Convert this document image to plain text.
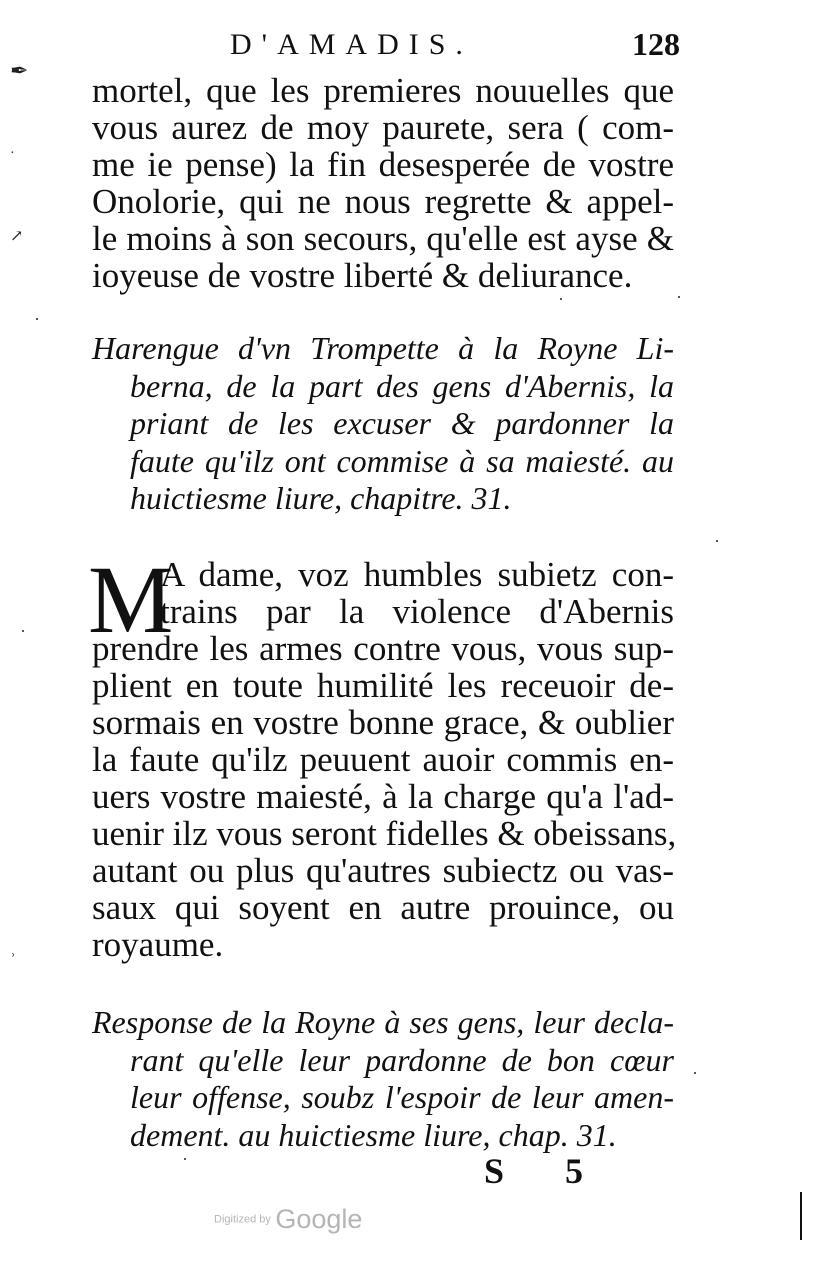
D'AMADIS.	128
✒
·
↗
ʾ
mortel, que les premieres nouuelles que
vous aurez de moy paurete, sera ( com-
me ie pense) la fin desesperée de vostre
Onolorie, qui ne nous regrette & appel-
le moins à son secours, qu'elle est ayse &
ioyeuse de vostre liberté & deliurance.
Harengue d'vn Trompette à la Royne Li-
berna, de la part des gens d'Abernis, la
priant de les excuser & pardonner la
faute qu'ilz ont commise à sa maiesté. au
huictiesme liure, chapitre. 31.
M
A dame, voz humbles subietz con-
trains par la violence d'Abernis
prendre les armes contre vous, vous sup-
plient en toute humilité les receuoir de-
sormais en vostre bonne grace, & oublier
la faute qu'ilz peuuent auoir commis en-
uers vostre maiesté, à la charge qu'a l'ad-
uenir ilz vous seront fidelles & obeissans,
autant ou plus qu'autres subiectz ou vas-
saux qui soyent en autre prouince, ou
royaume.
Response de la Royne à ses gens, leur decla-
rant qu'elle leur pardonne de bon cœur
leur offense, soubz l'espoir de leur amen-
dement. au huictiesme liure, chap. 31.
S 5
Digitized by Google
